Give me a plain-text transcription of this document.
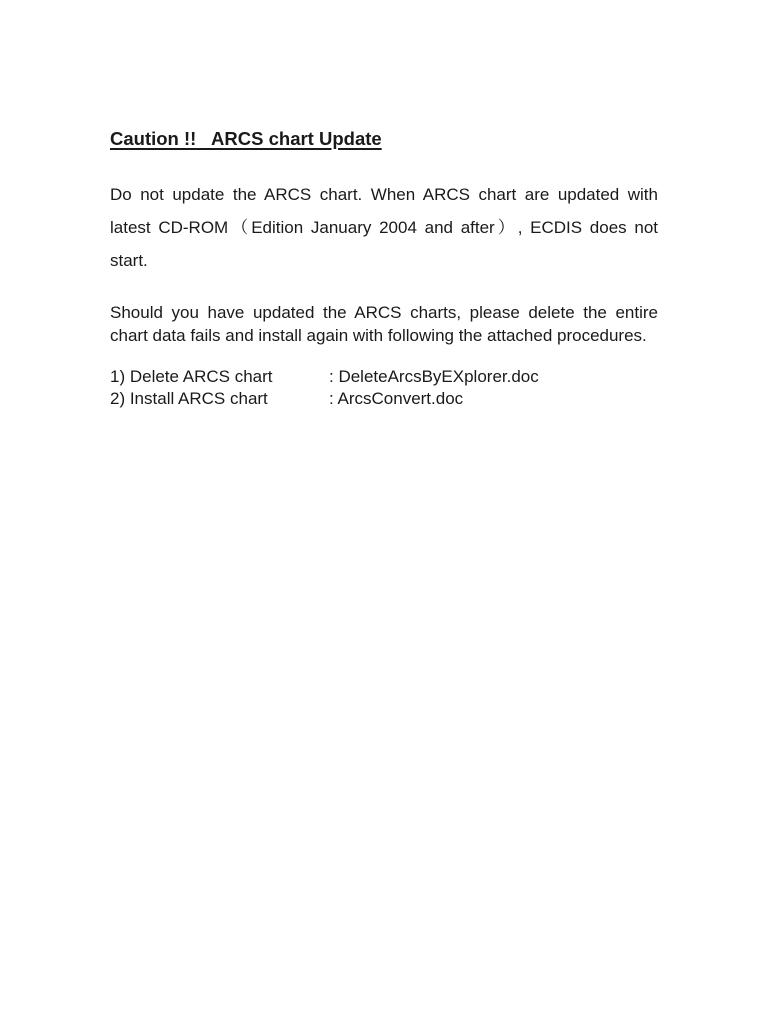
Caution !!   ARCS chart Update

Do not update the ARCS chart. When ARCS chart are updated with latest CD-ROM（Edition January 2004 and after）, ECDIS does not start.

Should you have updated the ARCS charts, please delete the entire chart data fails and install again with following the attached procedures.

1) Delete ARCS chart	: DeleteArcsByEXplorer.doc
2) Install ARCS chart	: ArcsConvert.doc
